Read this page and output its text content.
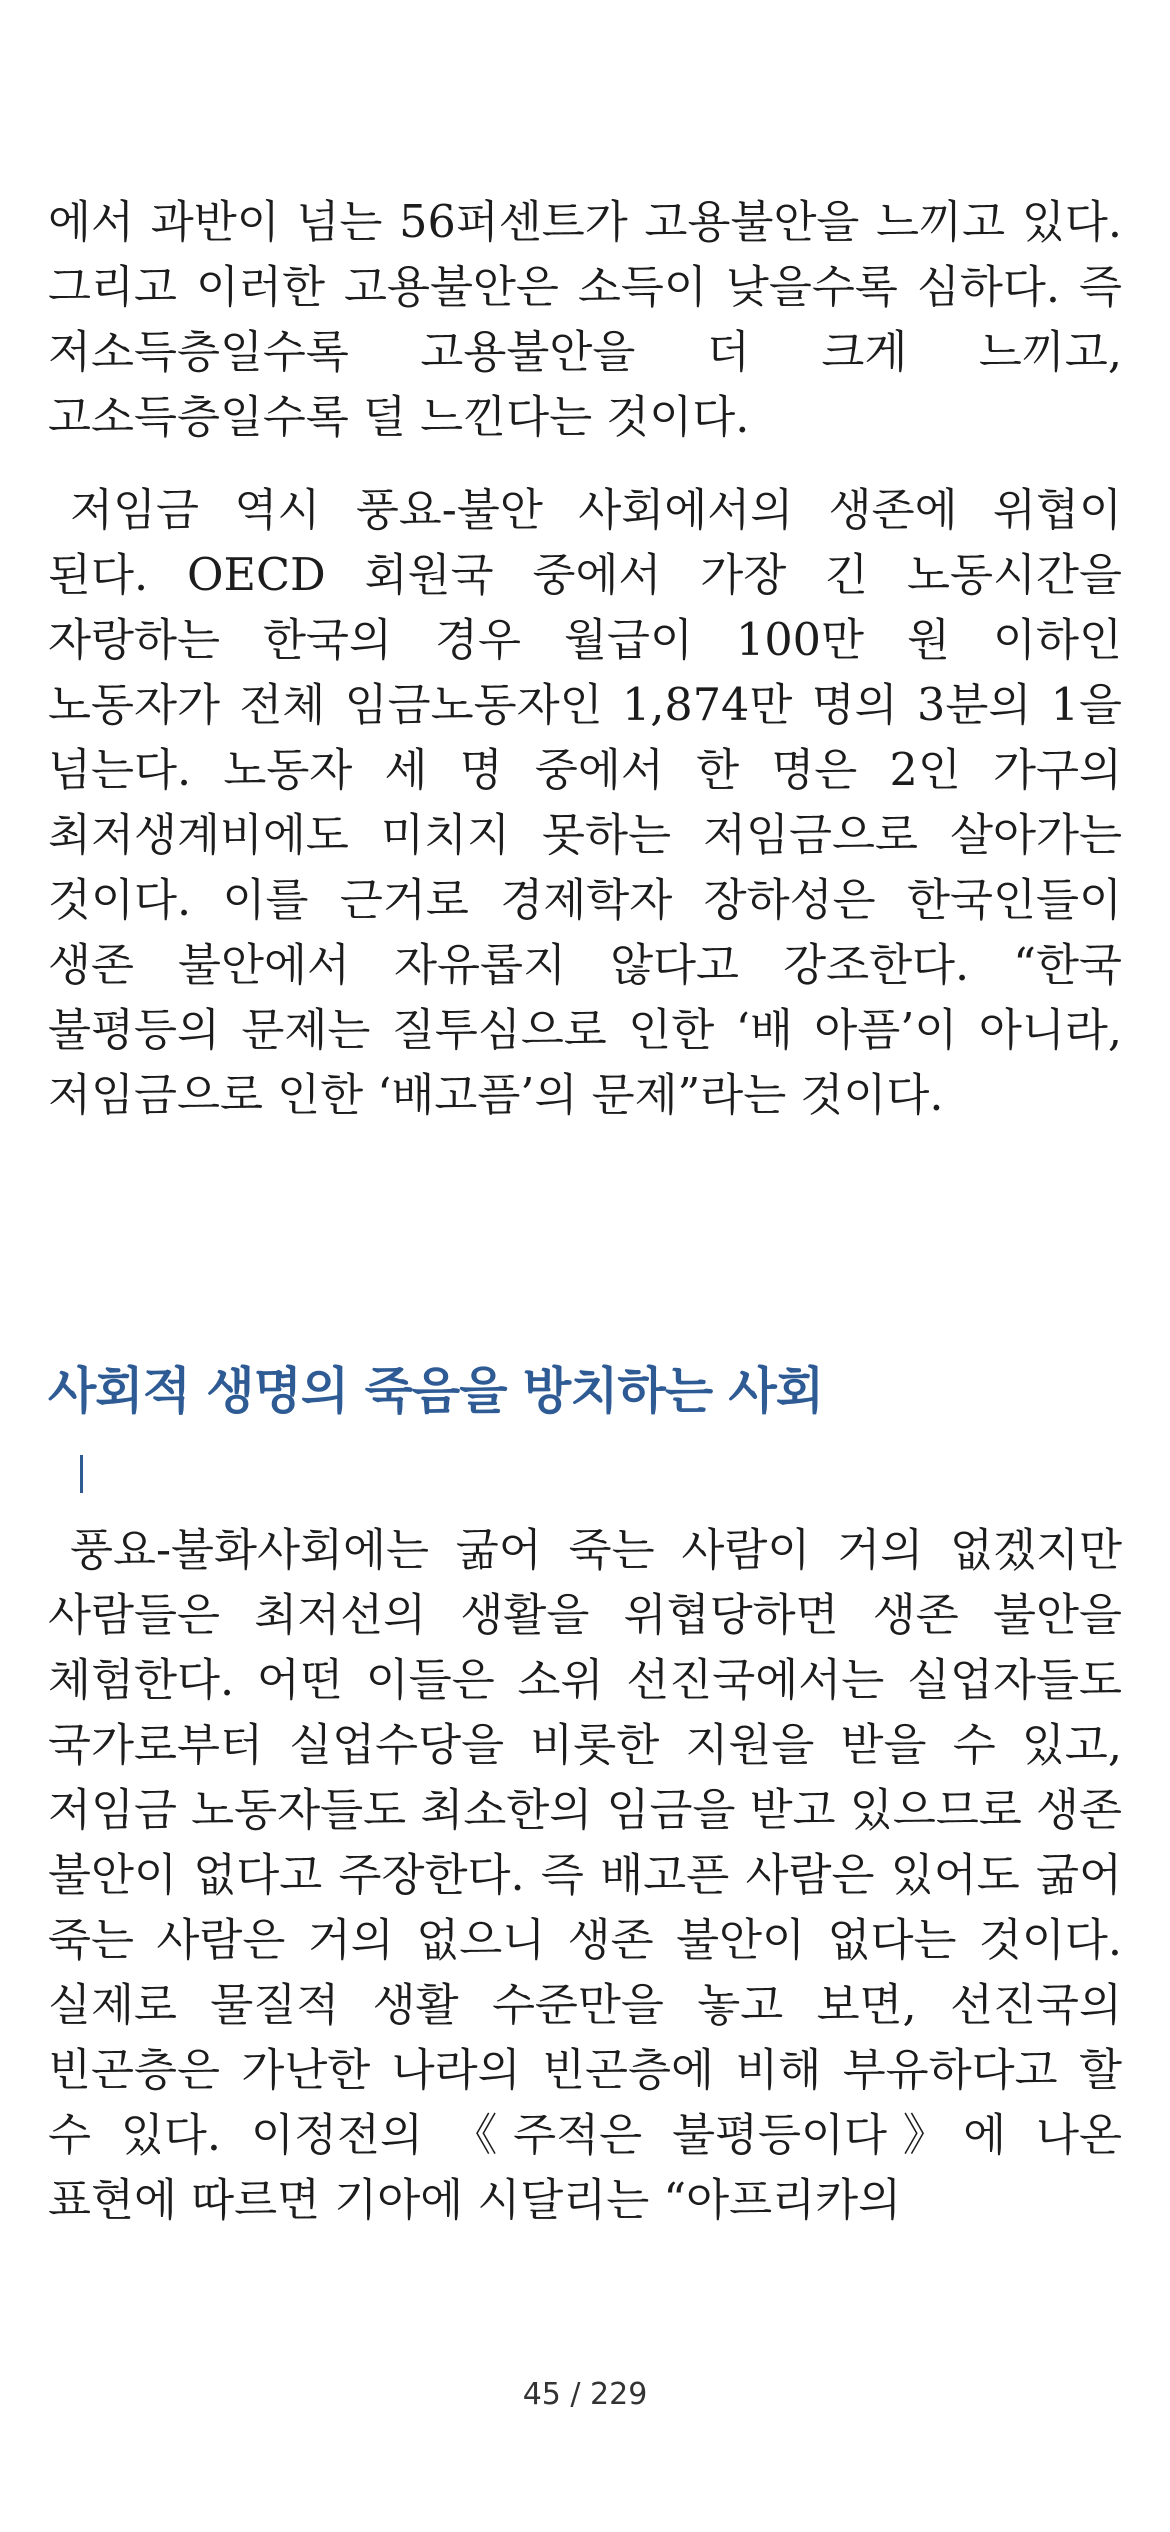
에서 과반이 넘는 56퍼센트가 고용불안을 느끼고 있다. 그리고 이러한 고용불안은 소득이 낮을수록 심하다. 즉 저소득층일수록 고용불안을 더 크게 느끼고, 고소득층일수록 덜 느낀다는 것이다.

저임금 역시 풍요-불안 사회에서의 생존에 위협이 된다. OECD 회원국 중에서 가장 긴 노동시간을 자랑하는 한국의 경우 월급이 100만 원 이하인 노동자가 전체 임금노동자인 1,874만 명의 3분의 1을 넘는다. 노동자 세 명 중에서 한 명은 2인 가구의 최저생계비에도 미치지 못하는 저임금으로 살아가는 것이다. 이를 근거로 경제학자 장하성은 한국인들이 생존 불안에서 자유롭지 않다고 강조한다. “한국 불평등의 문제는 질투심으로 인한 ‘배 아픔’이 아니라, 저임금으로 인한 ‘배고픔’의 문제”라는 것이다.

사회적 생명의 죽음을 방치하는 사회

풍요-불화사회에는 굶어 죽는 사람이 거의 없겠지만 사람들은 최저선의 생활을 위협당하면 생존 불안을 체험한다. 어떤 이들은 소위 선진국에서는 실업자들도 국가로부터 실업수당을 비롯한 지원을 받을 수 있고, 저임금 노동자들도 최소한의 임금을 받고 있으므로 생존 불안이 없다고 주장한다. 즉 배고픈 사람은 있어도 굶어 죽는 사람은 거의 없으니 생존 불안이 없다는 것이다. 실제로 물질적 생활 수준만을 놓고 보면, 선진국의 빈곤층은 가난한 나라의 빈곤층에 비해 부유하다고 할 수 있다. 이정전의 《주적은 불평등이다》에 나온 표현에 따르면 기아에 시달리는 “아프리카의

45 / 229
